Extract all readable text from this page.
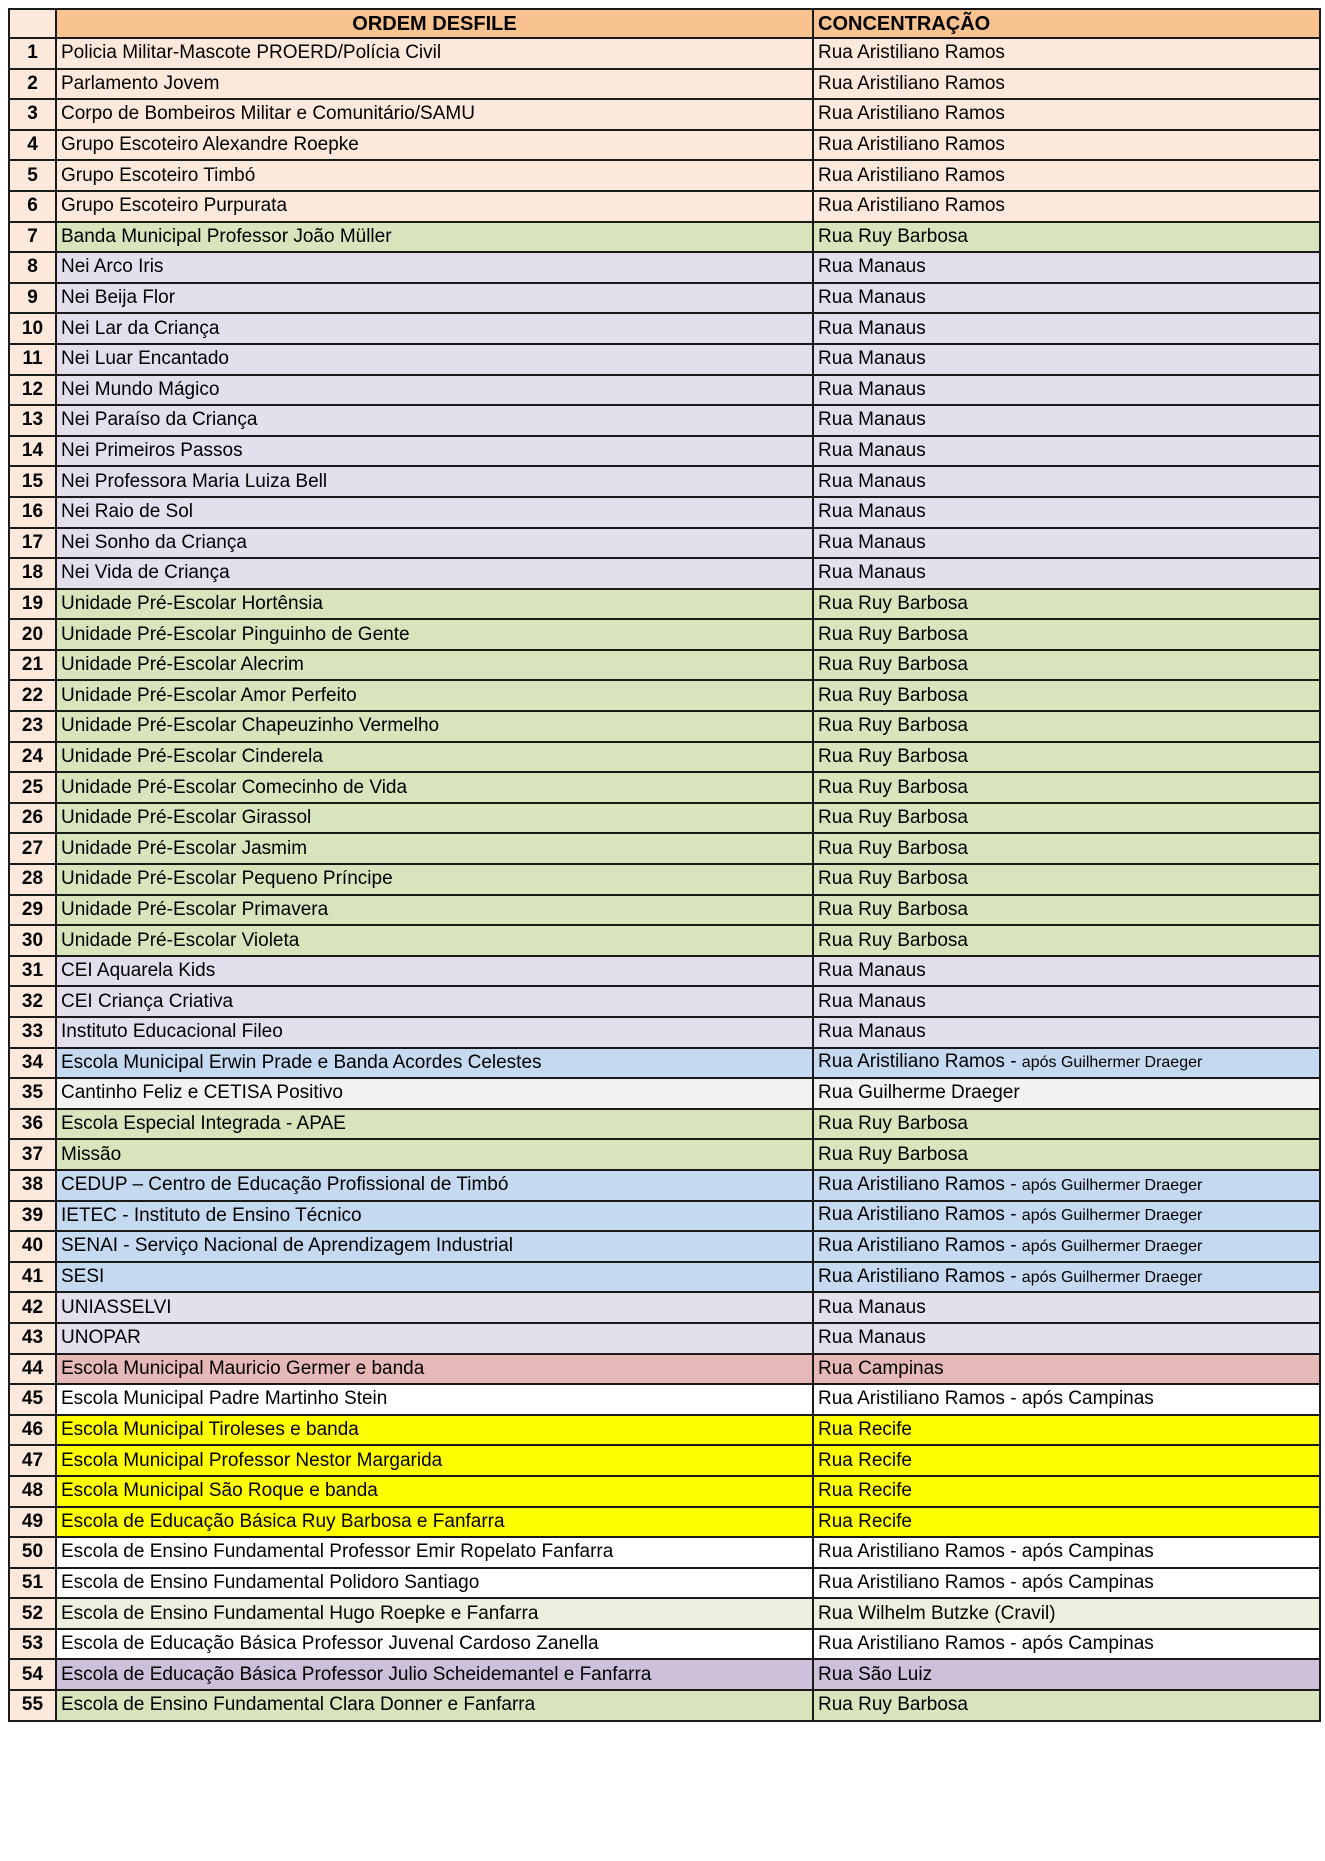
	ORDEM DESFILE	CONCENTRAÇÃO
1	Policia Militar-Mascote PROERD/Polícia Civil	Rua Aristiliano Ramos
2	Parlamento Jovem	Rua Aristiliano Ramos
3	Corpo de Bombeiros Militar e Comunitário/SAMU	Rua Aristiliano Ramos
4	Grupo Escoteiro Alexandre Roepke	Rua Aristiliano Ramos
5	Grupo Escoteiro Timbó	Rua Aristiliano Ramos
6	Grupo Escoteiro Purpurata	Rua Aristiliano Ramos
7	Banda Municipal Professor João Müller	Rua Ruy Barbosa
8	Nei Arco Iris	Rua Manaus
9	Nei Beija Flor	Rua Manaus
10	Nei Lar da Criança	Rua Manaus
11	Nei Luar Encantado	Rua Manaus
12	Nei Mundo Mágico	Rua Manaus
13	Nei Paraíso da Criança	Rua Manaus
14	Nei Primeiros Passos	Rua Manaus
15	Nei Professora Maria Luiza Bell	Rua Manaus
16	Nei Raio de Sol	Rua Manaus
17	Nei Sonho da Criança	Rua Manaus
18	Nei Vida de Criança	Rua Manaus
19	Unidade Pré-Escolar Hortênsia	Rua Ruy Barbosa
20	Unidade Pré-Escolar Pinguinho de Gente	Rua Ruy Barbosa
21	Unidade Pré-Escolar Alecrim	Rua Ruy Barbosa
22	Unidade Pré-Escolar Amor Perfeito	Rua Ruy Barbosa
23	Unidade Pré-Escolar Chapeuzinho Vermelho	Rua Ruy Barbosa
24	Unidade Pré-Escolar Cinderela	Rua Ruy Barbosa
25	Unidade Pré-Escolar Comecinho de Vida	Rua Ruy Barbosa
26	Unidade Pré-Escolar Girassol	Rua Ruy Barbosa
27	Unidade Pré-Escolar Jasmim	Rua Ruy Barbosa
28	Unidade Pré-Escolar Pequeno Príncipe	Rua Ruy Barbosa
29	Unidade Pré-Escolar Primavera	Rua Ruy Barbosa
30	Unidade Pré-Escolar Violeta	Rua Ruy Barbosa
31	CEI Aquarela Kids	Rua Manaus
32	CEI Criança Criativa	Rua Manaus
33	Instituto Educacional Fileo	Rua Manaus
34	Escola Municipal Erwin Prade e Banda Acordes Celestes	Rua Aristiliano Ramos - após Guilhermer Draeger
35	Cantinho Feliz e CETISA Positivo	Rua Guilherme Draeger
36	Escola Especial Integrada - APAE	Rua Ruy Barbosa
37	Missão	Rua Ruy Barbosa
38	CEDUP – Centro de Educação Profissional de Timbó	Rua Aristiliano Ramos - após Guilhermer Draeger
39	IETEC - Instituto de Ensino Técnico	Rua Aristiliano Ramos - após Guilhermer Draeger
40	SENAI - Serviço Nacional de Aprendizagem Industrial	Rua Aristiliano Ramos - após Guilhermer Draeger
41	SESI	Rua Aristiliano Ramos - após Guilhermer Draeger
42	UNIASSELVI	Rua Manaus
43	UNOPAR	Rua Manaus
44	Escola Municipal Mauricio Germer e banda	Rua Campinas
45	Escola Municipal Padre Martinho Stein	Rua Aristiliano Ramos - após Campinas
46	Escola Municipal Tiroleses e banda	Rua Recife
47	Escola Municipal Professor Nestor Margarida	Rua Recife
48	Escola Municipal São Roque e banda	Rua Recife
49	Escola de Educação Básica Ruy Barbosa e Fanfarra	Rua Recife
50	Escola de Ensino Fundamental Professor Emir Ropelato Fanfarra	Rua Aristiliano Ramos - após Campinas
51	Escola de Ensino Fundamental Polidoro Santiago	Rua Aristiliano Ramos - após Campinas
52	Escola de Ensino Fundamental Hugo Roepke e Fanfarra	Rua Wilhelm Butzke (Cravil)
53	Escola de Educação Básica Professor Juvenal Cardoso Zanella	Rua Aristiliano Ramos - após Campinas
54	Escola de Educação Básica Professor Julio Scheidemantel e Fanfarra	Rua São Luiz
55	Escola de Ensino Fundamental Clara Donner e Fanfarra	Rua Ruy Barbosa
